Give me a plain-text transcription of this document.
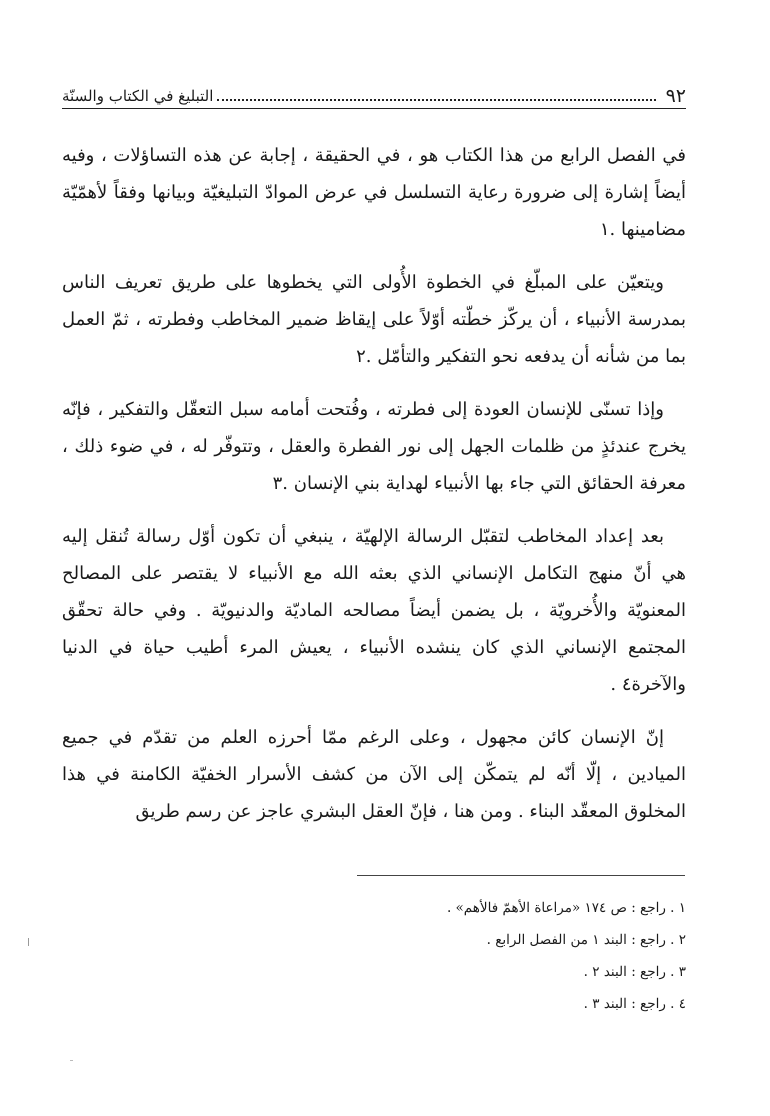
٩٢
التبليغ في الكتاب والسنّة

في الفصل الرابع من هذا الكتاب هو ، في الحقيقة ، إجابة عن هذه التساؤلات ، وفيه أيضاً إشارة إلى ضرورة رعاية التسلسل في عرض الموادّ التبليغيّة وبيانها وفقاً لأهمّيّة مضامينها .١

ويتعيّن على المبلّغ في الخطوة الأُولى التي يخطوها على طريق تعريف الناس بمدرسة الأنبياء ، أن يركّز خطّته أوّلاً على إيقاظ ضمير المخاطب وفطرته ، ثمّ العمل بما من شأنه أن يدفعه نحو التفكير والتأمّل .٢

وإذا تسنّى للإنسان العودة إلى فطرته ، وفُتحت أمامه سبل التعقّل والتفكير ، فإنّه يخرج عندئذٍ من ظلمات الجهل إلى نور الفطرة والعقل ، وتتوفّر له ، في ضوء ذلك ، معرفة الحقائق التي جاء بها الأنبياء لهداية بني الإنسان .٣

بعد إعداد المخاطب لتقبّل الرسالة الإلهيّة ، ينبغي أن تكون أوّل رسالة تُنقل إليه هي أنّ منهج التكامل الإنساني الذي بعثه الله مع الأنبياء لا يقتصر على المصالح المعنويّة والأُخرويّة ، بل يضمن أيضاً مصالحه الماديّة والدنيويّة . وفي حالة تحقّق المجتمع الإنساني الذي كان ينشده الأنبياء ، يعيش المرء أطيب حياة في الدنيا والآخرة٤ .

إنّ الإنسان كائن مجهول ، وعلى الرغم ممّا أحرزه العلم من تقدّم في جميع الميادين ، إلّا أنّه لم يتمكّن إلى الآن من كشف الأسرار الخفيّة الكامنة في هذا المخلوق المعقّد البناء . ومن هنا ، فإنّ العقل البشري عاجز عن رسم طريق

١ . راجع : ص ١٧٤ «مراعاة الأهمّ فالأهم» .
٢ . راجع : البند ١ من الفصل الرابع .
٣ . راجع : البند ٢ .
٤ . راجع : البند ٣ .
